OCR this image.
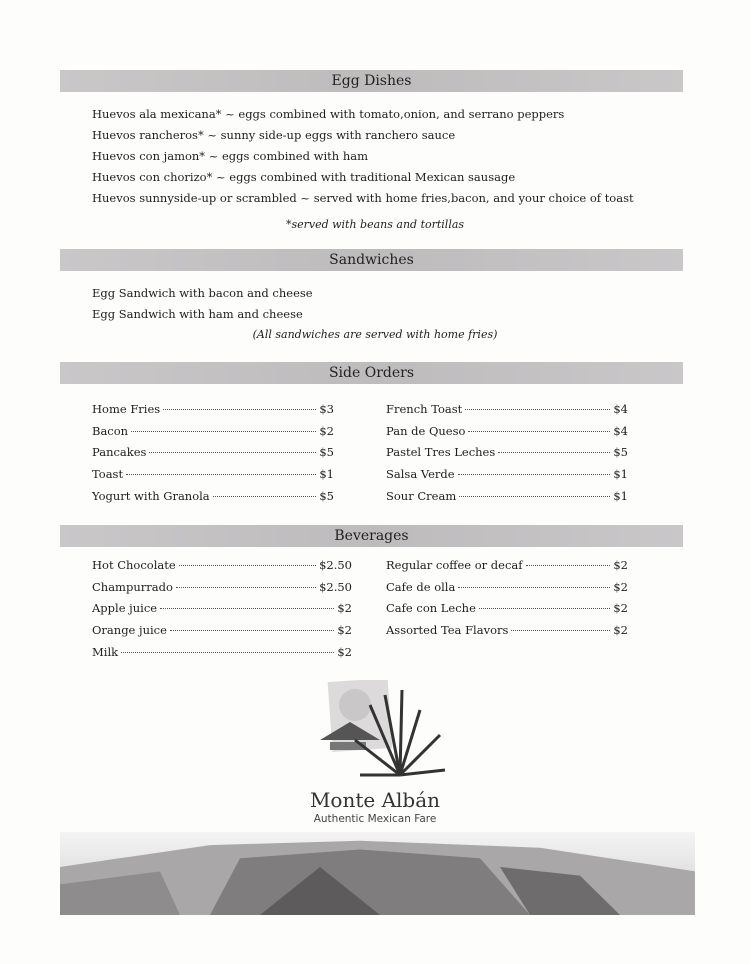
Egg Dishes
Huevos ala mexicana* ~ eggs combined with tomato,onion, and serrano peppers
Huevos rancheros* ~ sunny side-up eggs with ranchero sauce
Huevos con jamon* ~ eggs combined with ham
Huevos con chorizo* ~ eggs combined with traditional Mexican sausage
Huevos sunnyside-up or scrambled ~ served with home fries,bacon, and your choice of toast
*served with beans and tortillas
Sandwiches
Egg Sandwich with bacon and cheese
Egg Sandwich with ham and cheese
(All sandwiches are served with home fries)
Side Orders
Home Fries	$3
Bacon	$2
Pancakes	$5
Toast	$1
Yogurt with Granola	$5
French Toast	$4
Pan de Queso	$4
Pastel Tres Leches	$5
Salsa Verde	$1
Sour Cream	$1
Beverages
Hot Chocolate	$2.50
Champurrado	$2.50
Apple juice	$2
Orange juice	$2
Milk	$2
Regular coffee or decaf	$2
Cafe de olla	$2
Cafe con Leche	$2
Assorted Tea Flavors	$2
Monte Albán
Authentic Mexican Fare
